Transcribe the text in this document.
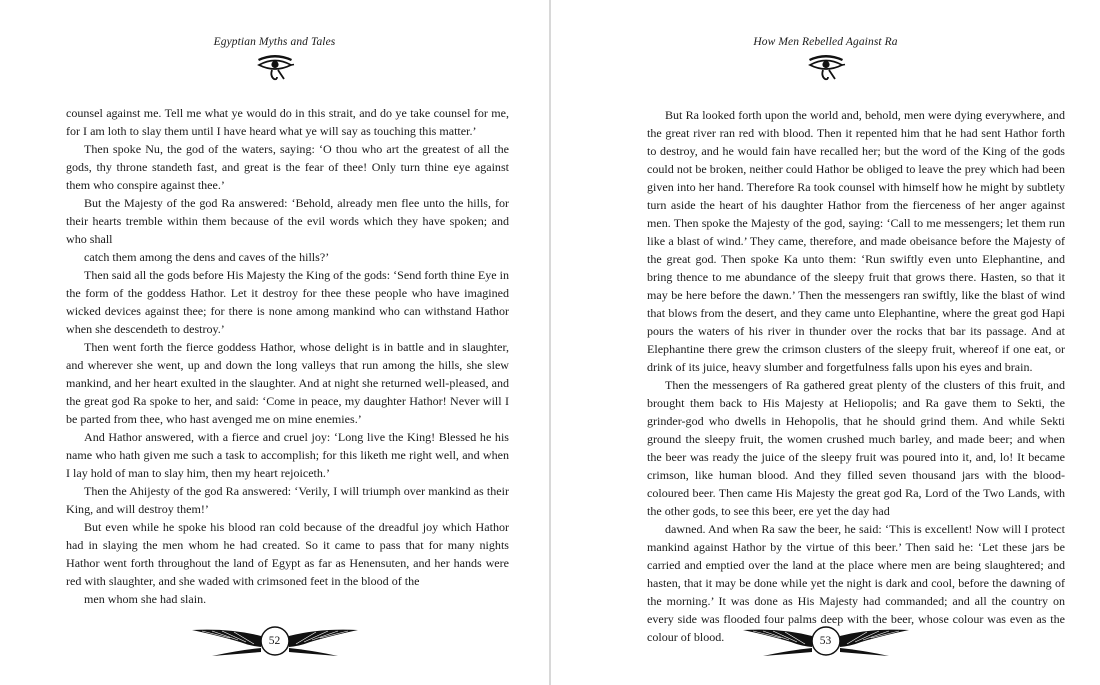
Egyptian Myths and Tales

counsel against me. Tell me what ye would do in this strait, and do ye take counsel for me, for I am loth to slay them until I have heard what ye will say as touching this matter.’

Then spoke Nu, the god of the waters, saying: ‘O thou who art the greatest of all the gods, thy throne standeth fast, and great is the fear of thee! Only turn thine eye against them who conspire against thee.’

But the Majesty of the god Ra answered: ‘Behold, already men flee unto the hills, for their hearts tremble within them because of the evil words which they have spoken; and who shall

catch them among the dens and caves of the hills?’

Then said all the gods before His Majesty the King of the gods: ‘Send forth thine Eye in the form of the goddess Hathor. Let it destroy for thee these people who have imagined wicked devices against thee; for there is none among mankind who can withstand Hathor when she descendeth to destroy.’

Then went forth the fierce goddess Hathor, whose delight is in battle and in slaughter, and wherever she went, up and down the long valleys that run among the hills, she slew mankind, and her heart exulted in the slaughter. And at night she returned well-pleased, and the great god Ra spoke to her, and said: ‘Come in peace, my daughter Hathor! Never will I be parted from thee, who hast avenged me on mine enemies.’

And Hathor answered, with a fierce and cruel joy: ‘Long live the King! Blessed he his name who hath given me such a task to accomplish; for this liketh me right well, and when I lay hold of man to slay him, then my heart rejoiceth.’

Then the Ahijesty of the god Ra answered: ‘Verily, I will triumph over mankind as their King, and will destroy them!’

But even while he spoke his blood ran cold because of the dreadful joy which Hathor had in slaying the men whom he had created. So it came to pass that for many nights Hathor went forth throughout the land of Egypt as far as Henensuten, and her hands were red with slaughter, and she waded with crimsoned feet in the blood of the

men whom she had slain.

52
How Men Rebelled Against Ra

But Ra looked forth upon the world and, behold, men were dying everywhere, and the great river ran red with blood. Then it repented him that he had sent Hathor forth to destroy, and he would fain have recalled her; but the word of the King of the gods could not be broken, neither could Hathor be obliged to leave the prey which had been given into her hand. Therefore Ra took counsel with himself how he might by subtlety turn aside the heart of his daughter Hathor from the fierceness of her anger against men. Then spoke the Majesty of the god, saying: ‘Call to me messengers; let them run like a blast of wind.’ They came, therefore, and made obeisance before the Majesty of the great god. Then spoke Ka unto them: ‘Run swiftly even unto Elephantine, and bring thence to me abundance of the sleepy fruit that grows there. Hasten, so that it may be here before the dawn.’ Then the messengers ran swiftly, like the blast of wind that blows from the desert, and they came unto Elephantine, where the great god Hapi pours the waters of his river in thunder over the rocks that bar its passage. And at Elephantine there grew the crimson clusters of the sleepy fruit, whereof if one eat, or drink of its juice, heavy slumber and forgetfulness falls upon his eyes and brain.

Then the messengers of Ra gathered great plenty of the clusters of this fruit, and brought them back to His Majesty at Heliopolis; and Ra gave them to Sekti, the grinder-god who dwells in Hehopolis, that he should grind them. And while Sekti ground the sleepy fruit, the women crushed much barley, and made beer; and when the beer was ready the juice of the sleepy fruit was poured into it, and, lo! It became crimson, like human blood. And they filled seven thousand jars with the blood-coloured beer. Then came His Majesty the great god Ra, Lord of the Two Lands, with the other gods, to see this beer, ere yet the day had

dawned. And when Ra saw the beer, he said: ‘This is excellent! Now will I protect mankind against Hathor by the virtue of this beer.’ Then said he: ‘Let these jars be carried and emptied over the land at the place where men are being slaughtered; and hasten, that it may be done while yet the night is dark and cool, before the dawning of the morning.’ It was done as His Majesty had commanded; and all the country on every side was flooded four palms deep with the beer, whose colour was even as the colour of blood.	53
